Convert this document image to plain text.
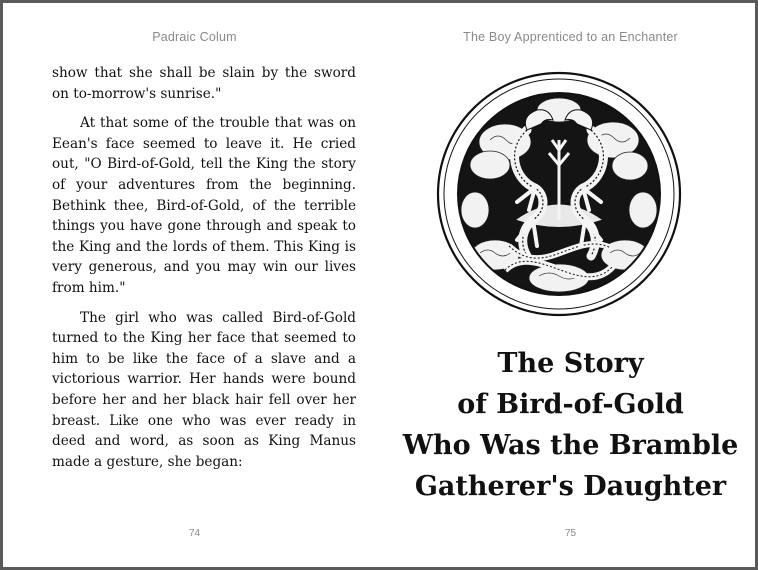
Padraic Colum

show that she shall be slain by the sword on to-morrow's sunrise."

At that some of the trouble that was on Eean's face seemed to leave it. He cried out, "O Bird-of-Gold, tell the King the story of your adventures from the beginning. Bethink thee, Bird-of-Gold, of the terrible things you have gone through and speak to the King and the lords of them. This King is very generous, and you may win our lives from him."

The girl who was called Bird-of-Gold turned to the King her face that seemed to him to be like the face of a slave and a victorious warrior. Her hands were bound before her and her black hair fell over her breast. Like one who was ever ready in deed and word, as soon as King Manus made a gesture, she began:

74
The Boy Apprenticed to an Enchanter
The Story
of Bird-of-Gold
Who Was the Bramble
Gatherer's Daughter
75
